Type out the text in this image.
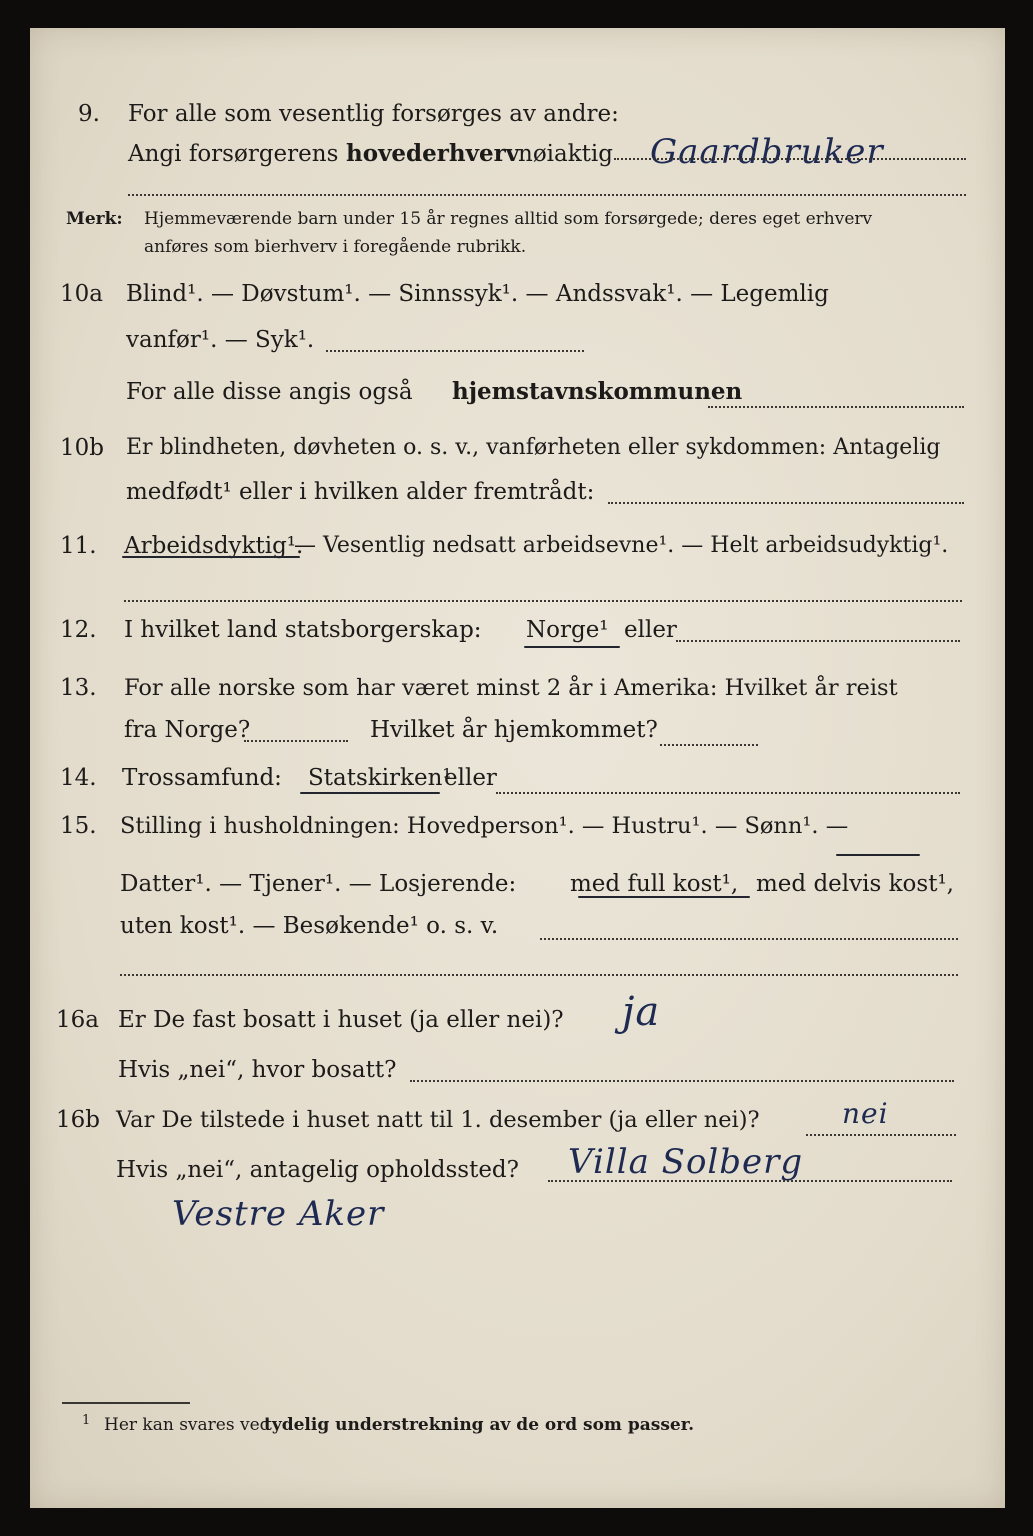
9. For alle som vesentlig forsørges av andre:
Angi forsørgerens hovederhverv
nøiaktig Gaardbruker
Merk: Hjemmeværende barn under 15 år regnes alltid som forsørgede; deres eget erhverv
anføres som bierhverv i foregående rubrikk.
10a Blind¹. — Døvstum¹. — Sinnssyk¹. — Andssvak¹. — Legemlig
vanfør¹. — Syk¹.
For alle disse angis også hjemstavnskommunen
10b Er blindheten, døvheten o. s. v., vanførheten eller sykdommen: Antagelig
medfødt¹ eller i hvilken alder fremtrådt:
11. Arbeidsdyktig¹.
— Vesentlig nedsatt arbeidsevne¹. — Helt arbeidsudyktig¹.
12. I hvilket land statsborgerskap: Norge¹ eller
13. For alle norske som har været minst 2 år i Amerika: Hvilket år reist
fra Norge?	Hvilket år hjemkommet?
14. Trossamfund: Statskirken¹
eller
15. Stilling i husholdningen: Hovedperson¹. — Hustru¹. — Sønn¹. —
Datter¹. — Tjener¹. — Losjerende: med full kost¹, med delvis kost¹,
uten kost¹. — Besøkende¹ o. s. v.
16a Er De fast bosatt i huset (ja eller nei)? ja
Hvis „nei“, hvor bosatt?
16b Var De tilstede i huset natt til 1. desember (ja eller nei)?	nei
Hvis „nei“, antagelig opholdssted? Villa Solberg
Vestre Aker
1 Her kan svares ved
tydelig understrekning av de ord som passer.
